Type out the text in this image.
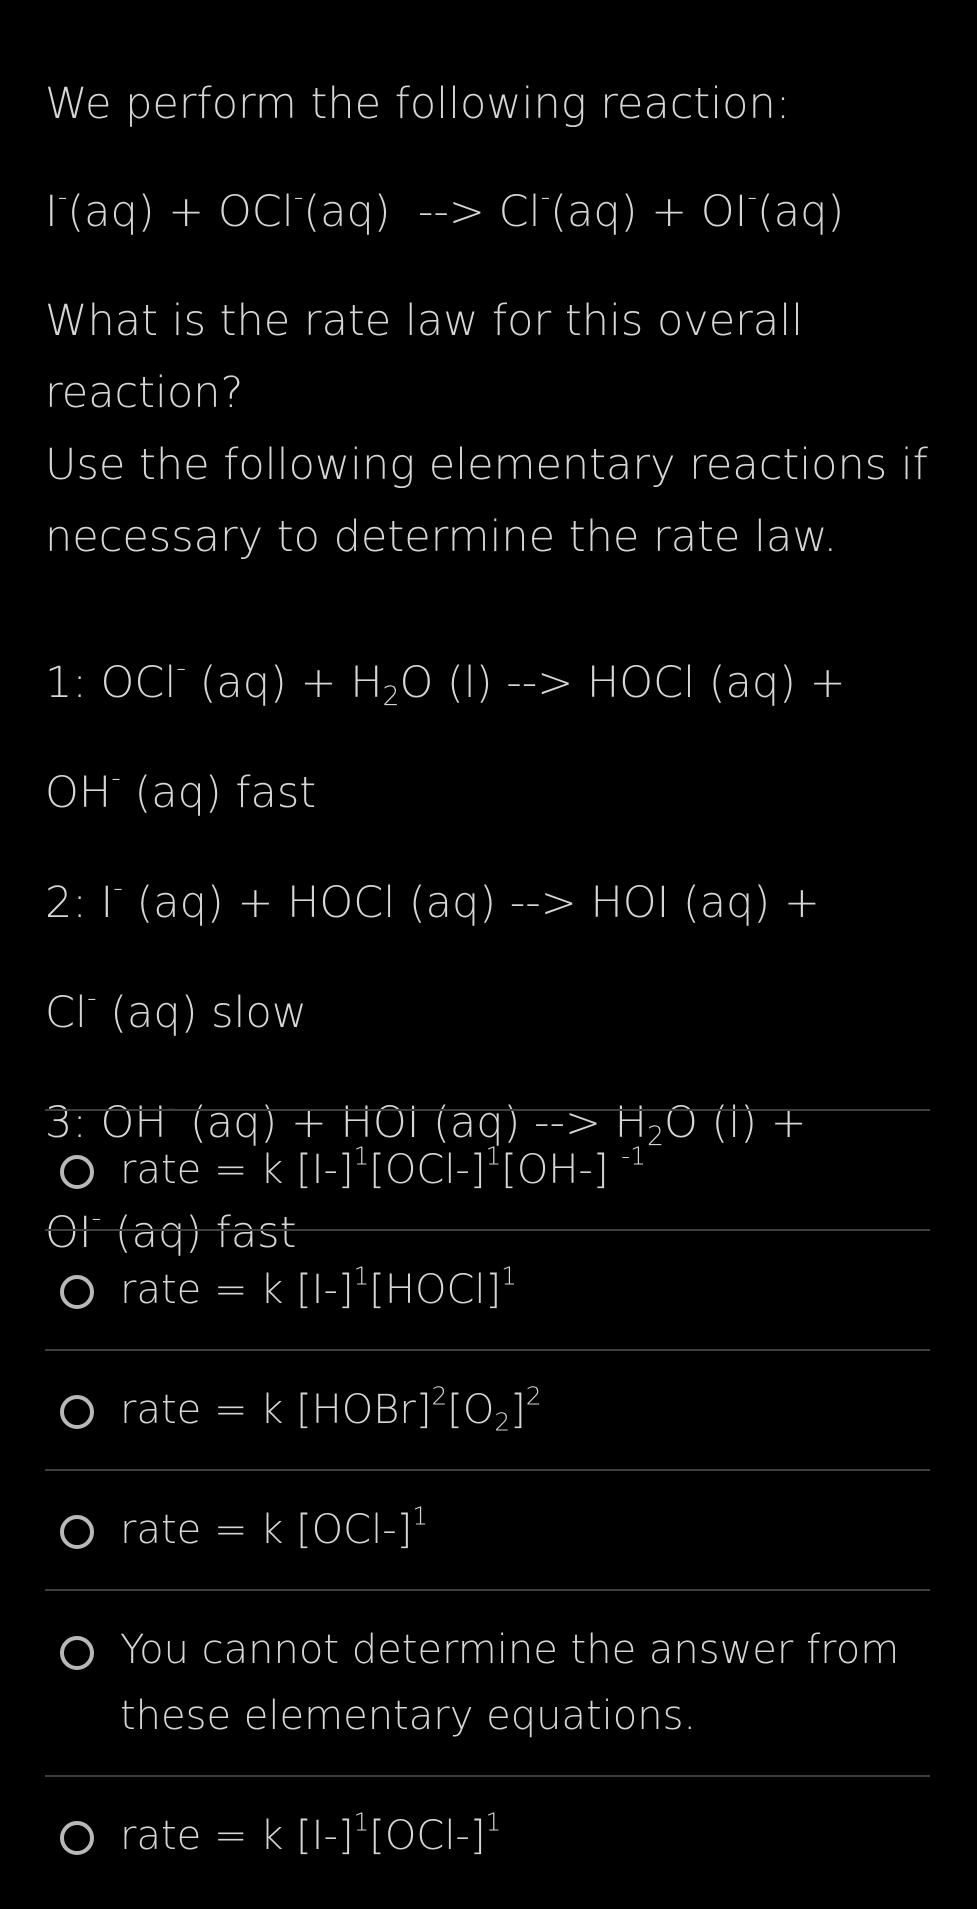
We perform the following reaction:
I-(aq) + OCl-(aq)  --> Cl-(aq) + OI-(aq)
What is the rate law for this overall
reaction?
Use the following elementary reactions if
necessary to determine the rate law.

1: OCl- $(aq) + H_2O$ (l) --> HOCl (aq) +

OH- (aq) fast

2: I- (aq) + HOCl (aq) --> HOI (aq) +

Cl- (aq) slow

3: OH- (aq) + HOI (aq) --> $H_2O$ (l) +

OI- (aq) fast

rate = k $[I-]^1[OCl-]^1[OH-]$ $^{-1}$
rate = k $[I-]^1[HOCl]^1$
rate = k $[HOBr]^2[O_2]^2$
rate = k $[OCl-]^1$
You cannot determine the answer from
these elementary equations.
rate = k $[I-]^1[OCl-]^1$
